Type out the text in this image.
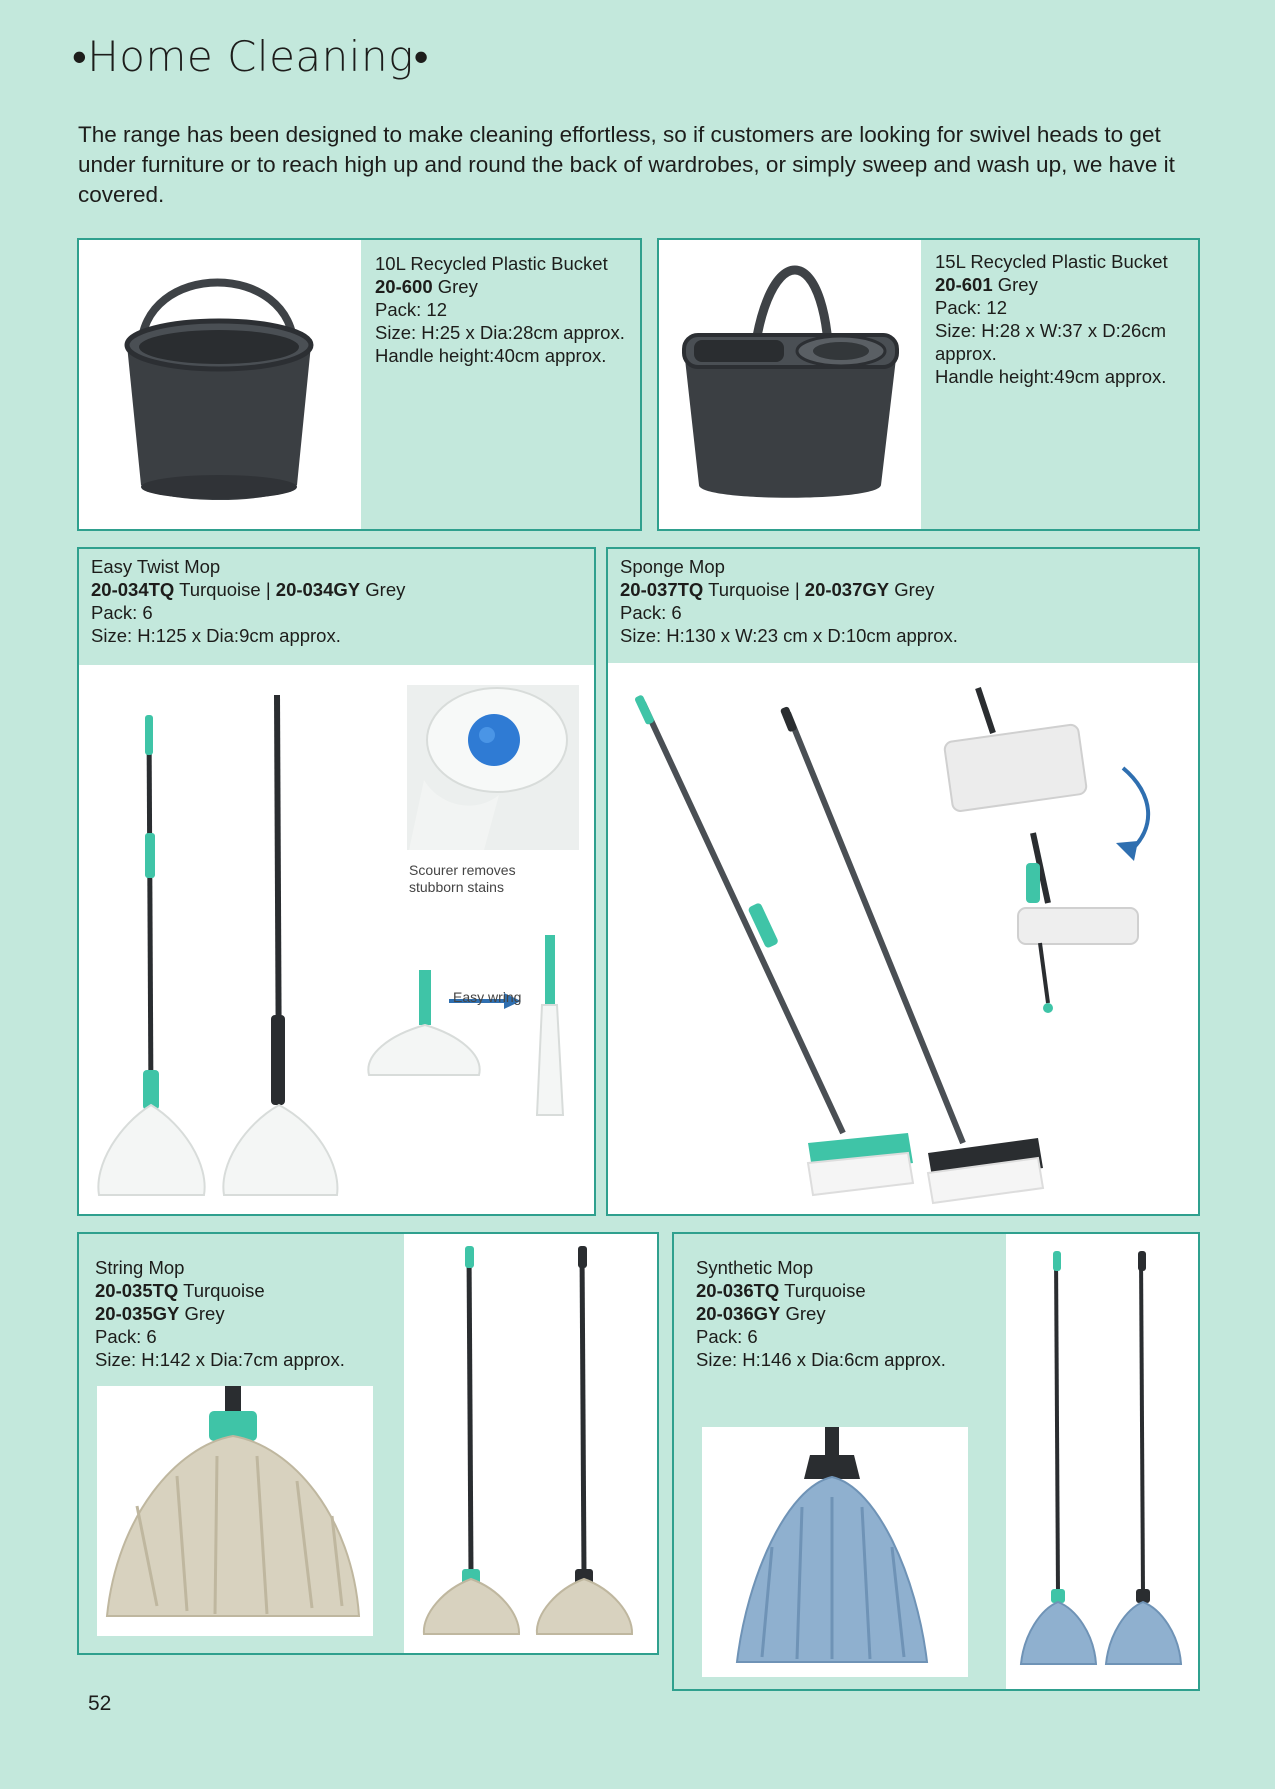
•Home Cleaning•

The range has been designed to make cleaning effortless, so if customers are looking for swivel heads to get under furniture or to reach high up and round the back of wardrobes, or simply sweep and wash up, we have it covered.

10L Recycled Plastic Bucket
20-600 Grey
Pack: 12
Size: H:25 x Dia:28cm approx.
Handle height:40cm approx.
15L Recycled Plastic Bucket
20-601 Grey
Pack: 12
Size: H:28 x W:37 x D:26cm
approx.
Handle height:49cm approx.
Easy Twist Mop
20-034TQ Turquoise | 20-034GY Grey
Pack: 6
Size: H:125 x Dia:9cm approx.
Scourer removes
stubborn stains
Easy wring
Sponge Mop
20-037TQ Turquoise | 20-037GY Grey
Pack: 6
Size: H:130 x W:23 cm x D:10cm approx.
String Mop
20-035TQ Turquoise
20-035GY Grey
Pack: 6
Size: H:142 x Dia:7cm approx.
Synthetic Mop
20-036TQ Turquoise
20-036GY Grey
Pack: 6
Size: H:146 x Dia:6cm approx.
52
